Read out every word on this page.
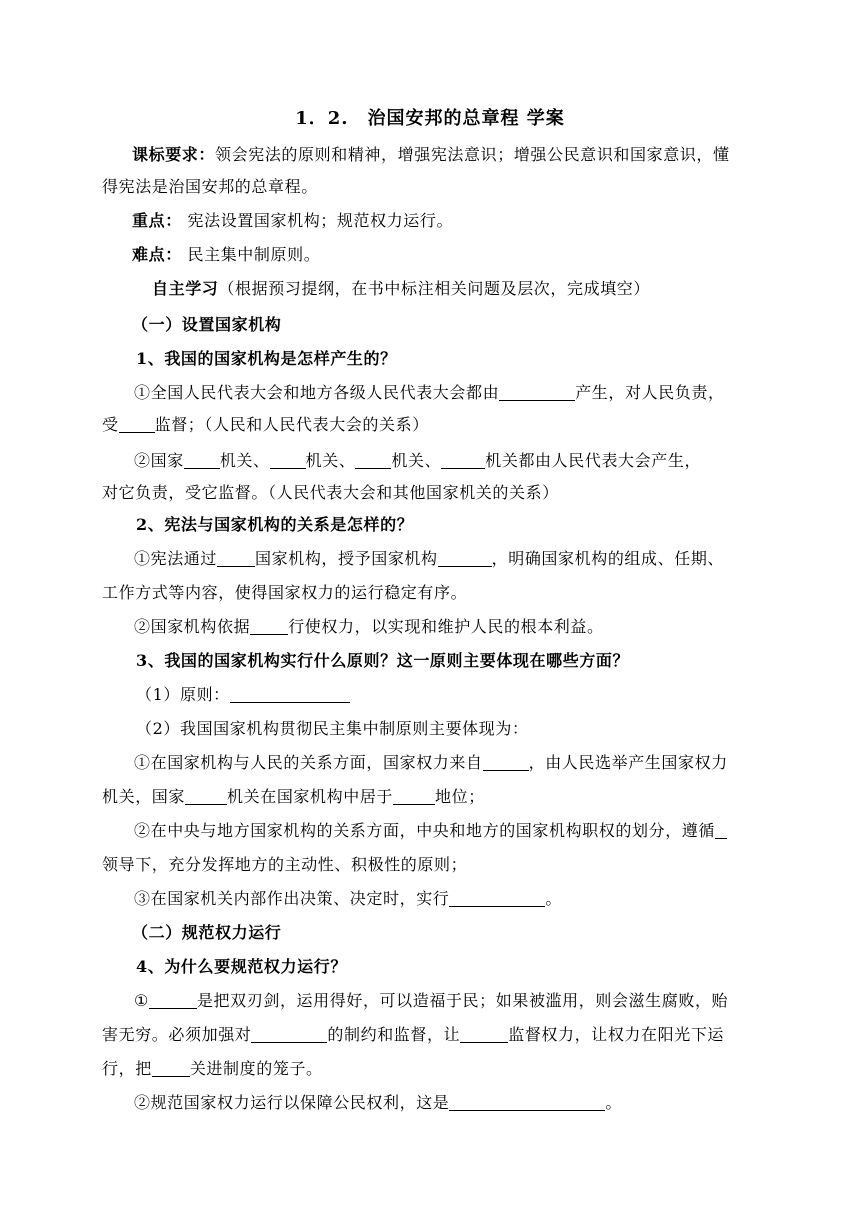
1．2.　治国安邦的总章程 学案
课标要求：领会宪法的原则和精神，增强宪法意识；增强公民意识和国家意识，懂
得宪法是治国安邦的总章程。
重点： 宪法设置国家机构；规范权力运行。
难点： 民主集中制原则。
自主学习（根据预习提纲，在书中标注相关问题及层次，完成填空）
（一）设置国家机构
1、我国的国家机构是怎样产生的？
①全国人民代表大会和地方各级人民代表大会都由	产生，对人民负责，
受 监督；（人民和人民代表大会的关系）
②国家 机关、 机关、 机关、	机关都由人民代表大会产生，
对它负责，受它监督。（人民代表大会和其他国家机关的关系）
2、宪法与国家机构的关系是怎样的？
①宪法通过 国家机构，授予国家机构	，明确国家机构的组成、任期、
工作方式等内容，使得国家权力的运行稳定有序。
②国家机构依据 行使权力，以实现和维护人民的根本利益。
3、我国的国家机构实行什么原则？这一原则主要体现在哪些方面？
（1）原则：
（2）我国国家机构贯彻民主集中制原则主要体现为：
①在国家机构与人民的关系方面，国家权力来自	，由人民选举产生国家权力
机关，国家	机关在国家机构中居于	地位；
②在中央与地方国家机构的关系方面，中央和地方的国家机构职权的划分，遵循
领导下，充分发挥地方的主动性、积极性的原则；
③在国家机关内部作出决策、决定时，实行	。
（二）规范权力运行
4、为什么要规范权力运行？
①	是把双刃剑，运用得好，可以造福于民；如果被滥用，则会滋生腐败，贻
害无穷。必须加强对	的制约和监督，让	监督权力，让权力在阳光下运
行，把 关进制度的笼子。
②规范国家权力运行以保障公民权利，这是	。
